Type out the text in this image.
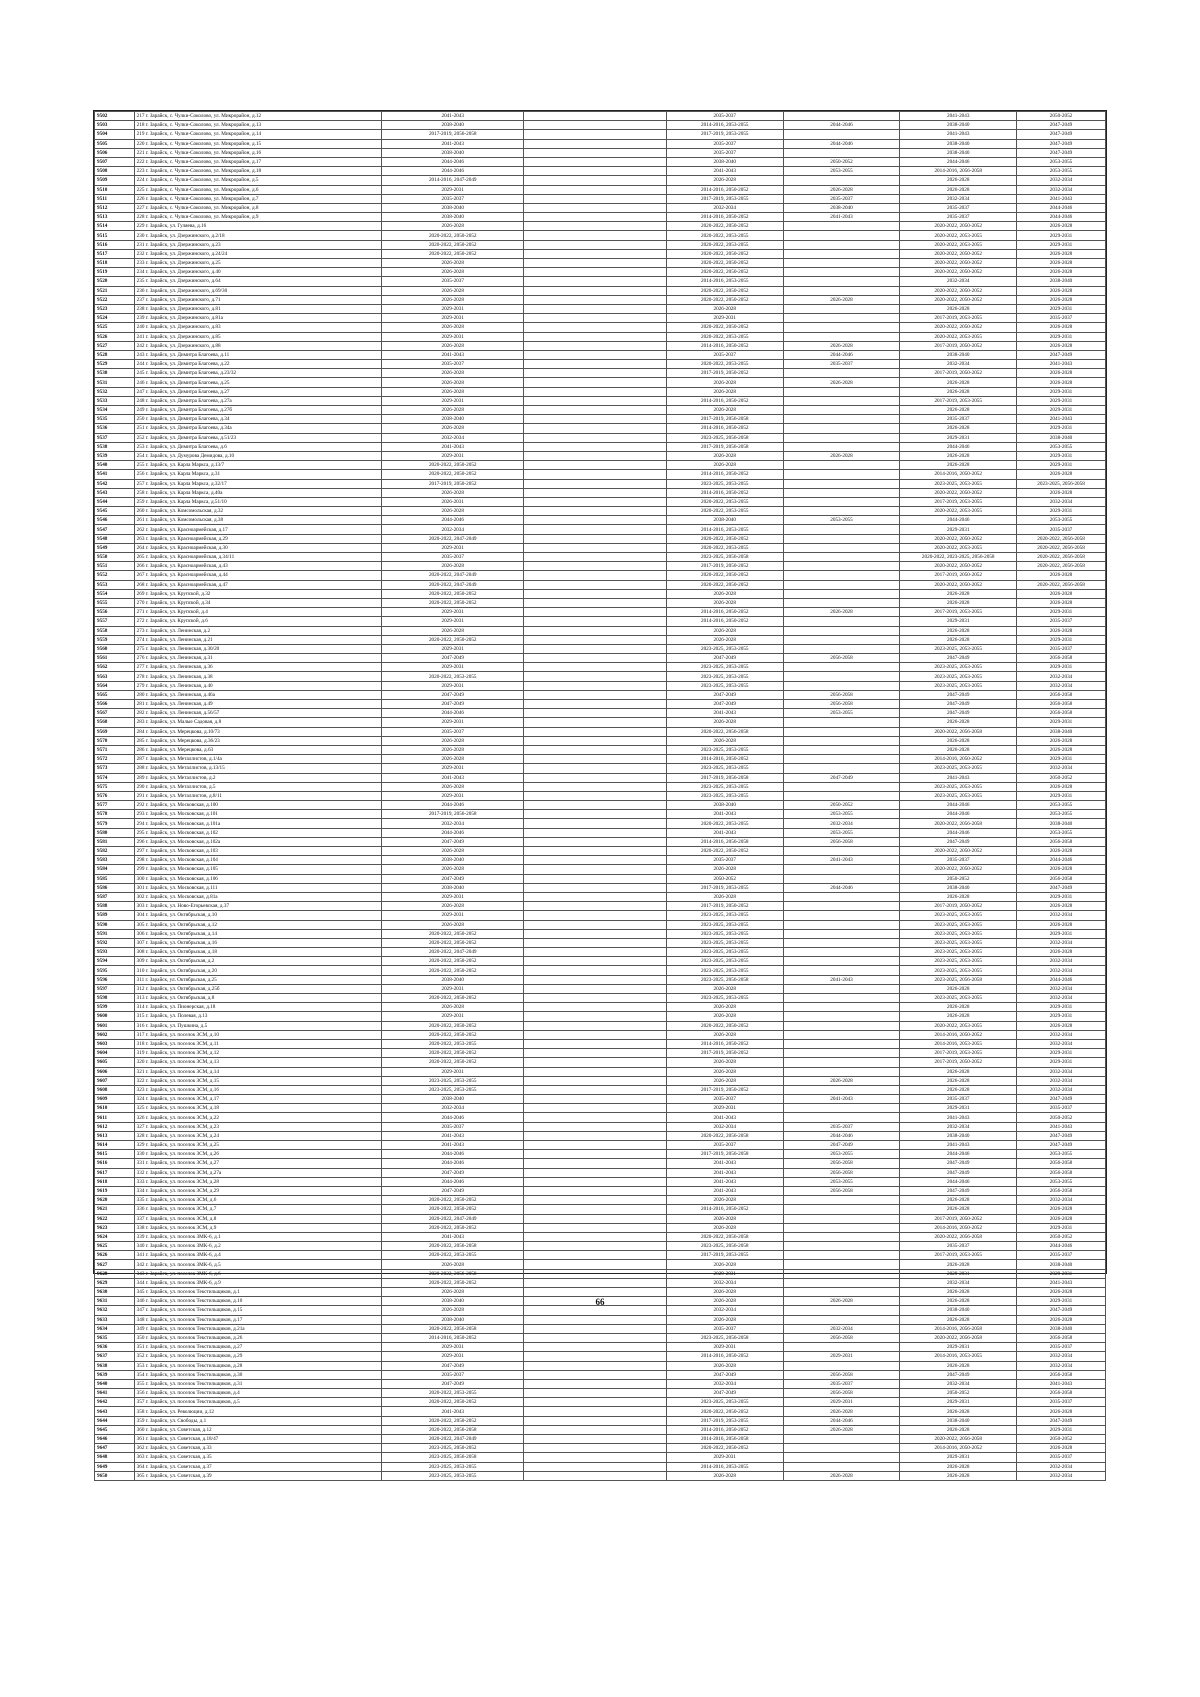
9502	217 г. Зарайск, с. Чулки-Соколово, ул. Микрорайон, д.12	2041-2043		2035-2037		2041-2043	2050-2052
9503	218 г. Зарайск, с. Чулки-Соколово, ул. Микрорайон, д.13	2038-2040		2014-2016, 2053-2055	2044-2046	2038-2040	2047-2049
9504	219 г. Зарайск, с. Чулки-Соколово, ул. Микрорайон, д.14	2017-2019, 2056-2058		2017-2019, 2053-2055		2041-2043	2047-2049
9505	220 г. Зарайск, с. Чулки-Соколово, ул. Микрорайон, д.15	2041-2043		2035-2037	2044-2046	2038-2040	2047-2049
9506	221 г. Зарайск, с. Чулки-Соколово, ул. Микрорайон, д.16	2038-2040		2035-2037		2038-2040	2047-2049
9507	222 г. Зарайск, с. Чулки-Соколово, ул. Микрорайон, д.17	2044-2046		2038-2040	2050-2052	2044-2046	2053-2055
9508	223 г. Зарайск, с. Чулки-Соколово, ул. Микрорайон, д.18	2044-2046		2041-2043	2053-2055	2014-2016, 2056-2058	2053-2055
9509	224 г. Зарайск, с. Чулки-Соколово, ул. Микрорайон, д.5	2014-2016, 2047-2049		2026-2028		2026-2028	2032-2034
9510	225 г. Зарайск, с. Чулки-Соколово, ул. Микрорайон, д.6	2029-2031		2014-2016, 2050-2052	2026-2028	2026-2028	2032-2034
9511	226 г. Зарайск, с. Чулки-Соколово, ул. Микрорайон, д.7	2035-2037		2017-2019, 2053-2055	2035-2037	2032-2034	2041-2043
9512	227 г. Зарайск, с. Чулки-Соколово, ул. Микрорайон, д.8	2038-2040		2032-2034	2038-2040	2035-2037	2044-2046
9513	228 г. Зарайск, с. Чулки-Соколово, ул. Микрорайон, д.9	2038-2040		2014-2016, 2050-2052	2041-2043	2035-2037	2044-2046
9514	229 г. Зарайск, ул. Гуляева, д.16	2026-2028		2020-2022, 2050-2052		2020-2022, 2050-2052	2026-2028
9515	230 г. Зарайск, ул. Дзержинского, д.2/18	2020-2022, 2050-2052		2020-2022, 2053-2055		2020-2022, 2053-2055	2029-2031
9516	231 г. Зарайск, ул. Дзержинского, д.23	2020-2022, 2050-2052		2020-2022, 2053-2055		2020-2022, 2053-2055	2029-2031
9517	232 г. Зарайск, ул. Дзержинского, д.24/24	2020-2022, 2050-2052		2020-2022, 2050-2052		2020-2022, 2050-2052	2026-2028
9518	233 г. Зарайск, ул. Дзержинского, д.25	2026-2028		2020-2022, 2050-2052		2020-2022, 2050-2052	2026-2028
9519	234 г. Зарайск, ул. Дзержинского, д.40	2026-2028		2020-2022, 2050-2052		2020-2022, 2050-2052	2026-2028
9520	235 г. Зарайск, ул. Дзержинского, д.64	2035-2037		2014-2016, 2053-2055		2032-2034	2038-2040
9521	236 г. Зарайск, ул. Дзержинского, д.69/30	2026-2028		2020-2022, 2050-2052		2020-2022, 2050-2052	2026-2028
9522	237 г. Зарайск, ул. Дзержинского, д.71	2026-2028		2020-2022, 2050-2052	2026-2028	2020-2022, 2050-2052	2026-2028
9523	238 г. Зарайск, ул. Дзержинского, д.81	2029-2031		2026-2028		2026-2028	2029-2031
9524	239 г. Зарайск, ул. Дзержинского, д.81а	2029-2031		2029-2031		2017-2019, 2053-2055	2035-2037
9525	240 г. Зарайск, ул. Дзержинского, д.83	2026-2028		2020-2022, 2050-2052		2020-2022, 2050-2052	2026-2028
9526	241 г. Зарайск, ул. Дзержинского, д.85	2029-2031		2020-2022, 2053-2055		2020-2022, 2053-2055	2029-2031
9527	242 г. Зарайск, ул. Дзержинского, д.88	2026-2028		2014-2016, 2050-2052	2026-2028	2017-2019, 2050-2052	2026-2028
9528	243 г. Зарайск, ул. Димитра Благоева, д.11	2041-2043		2035-2037	2044-2046	2038-2040	2047-2049
9529	244 г. Зарайск, ул. Димитра Благоева, д.22	2035-2037		2020-2022, 2053-2055	2035-2037	2032-2034	2041-2043
9530	245 г. Зарайск, ул. Димитра Благоева, д.23/32	2026-2028		2017-2019, 2050-2052		2017-2019, 2050-2052	2026-2028
9531	246 г. Зарайск, ул. Димитра Благоева, д.25	2026-2028		2026-2028	2026-2028	2026-2028	2026-2028
9532	247 г. Зарайск, ул. Димитра Благоева, д.27	2026-2028		2026-2028		2026-2028	2029-2031
9533	248 г. Зарайск, ул. Димитра Благоева, д.27а	2029-2031		2014-2016, 2050-2052		2017-2019, 2053-2055	2029-2031
9534	249 г. Зарайск, ул. Димитра Благоева, д.27б	2026-2028		2026-2028		2026-2028	2029-2031
9535	250 г. Зарайск, ул. Димитра Благоева, д.34	2038-2040		2017-2019, 2056-2058		2035-2037	2041-2043
9536	251 г. Зарайск, ул. Димитра Благоева, д.34а	2026-2028		2014-2016, 2050-2052		2026-2028	2029-2031
9537	252 г. Зарайск, ул. Димитра Благоева, д.51/23	2032-2034		2023-2025, 2056-2058		2029-2031	2038-2040
9538	253 г. Зарайск, ул. Димитра Благоева, д.6	2041-2043		2017-2019, 2056-2058		2044-2046	2053-2055
9539	254 г. Зарайск, ул. Думурова Демидова, д.10	2029-2031		2026-2028	2026-2028	2026-2028	2029-2031
9540	255 г. Зарайск, ул. Карла Маркса, д.13/7	2020-2022, 2050-2052		2026-2028		2026-2028	2029-2031
9541	256 г. Зарайск, ул. Карла Маркса, д.31	2020-2022, 2050-2052		2014-2016, 2050-2052		2014-2016, 2050-2052	2026-2028
9542	257 г. Зарайск, ул. Карла Маркса, д.32/17	2017-2019, 2050-2052		2023-2025, 2053-2055		2023-2025, 2053-2055	2023-2025, 2056-2058
9543	258 г. Зарайск, ул. Карла Маркса, д.40а	2026-2028		2014-2016, 2050-2052		2020-2022, 2050-2052	2026-2028
9544	259 г. Зарайск, ул. Карла Маркса, д.51/10	2026-2031		2020-2022, 2053-2055		2017-2019, 2053-2055	2032-2034
9545	260 г. Зарайск, ул. Комсомольская, д.32	2026-2028		2020-2022, 2053-2055		2020-2022, 2053-2055	2029-2031
9546	261 г. Зарайск, ул. Комсомольская, д.38	2044-2046		2038-2040	2053-2055	2044-2046	2053-2055
9547	262 г. Зарайск, ул. Красноармейская, д.17	2032-2034		2014-2016, 2053-2055		2029-2031	2035-2037
9548	263 г. Зарайск, ул. Красноармейская, д.29	2020-2022, 2047-2049		2020-2022, 2050-2052		2020-2022, 2050-2052	2020-2022, 2056-2058
9549	264 г. Зарайск, ул. Красноармейская, д.30	2029-2031		2020-2022, 2053-2055		2020-2022, 2053-2055	2020-2022, 2056-2058
9550	265 г. Зарайск, ул. Красноармейская, д.34/11	2035-2037		2023-2025, 2056-2058		2020-2022, 2023-2025, 2056-2058	2020-2022, 2056-2058
9551	266 г. Зарайск, ул. Красноармейская, д.43	2026-2028		2017-2019, 2050-2052		2020-2022, 2050-2052	2020-2022, 2056-2058
9552	267 г. Зарайск, ул. Красноармейская, д.44	2020-2022, 2047-2049		2020-2022, 2050-2052		2017-2019, 2050-2052	2026-2028
9553	268 г. Зарайск, ул. Красноармейская, д.47	2020-2022, 2047-2049		2020-2022, 2050-2052		2020-2022, 2050-2052	2020-2022, 2056-2058
9554	269 г. Зарайск, ул. Крупской, д.32	2020-2022, 2050-2052		2026-2028		2026-2028	2026-2028
9555	270 г. Зарайск, ул. Крупской, д.34	2020-2022, 2050-2052		2026-2028		2026-2028	2026-2028
9556	271 г. Зарайск, ул. Крупской, д.4	2029-2031		2014-2016, 2050-2052	2026-2028	2017-2019, 2053-2055	2029-2031
9557	272 г. Зарайск, ул. Крупской, д.6	2029-2031		2014-2016, 2050-2052		2029-2031	2035-2037
9558	273 г. Зарайск, ул. Ленинская, д.2	2026-2028		2026-2028		2026-2028	2026-2028
9559	274 г. Зарайск, ул. Ленинская, д.21	2020-2022, 2050-2052		2026-2028		2026-2028	2029-2031
9560	275 г. Зарайск, ул. Ленинская, д.30/20	2029-2031		2023-2025, 2053-2055		2023-2025, 2053-2055	2035-2037
9561	276 г. Зарайск, ул. Ленинская, д.31	2047-2049		2047-2049	2056-2058	2047-2049	2056-2058
9562	277 г. Зарайск, ул. Ленинская, д.36	2029-2031		2023-2025, 2053-2055		2023-2025, 2053-2055	2029-2031
9563	278 г. Зарайск, ул. Ленинская, д.38	2020-2022, 2053-2055		2023-2025, 2053-2055		2023-2025, 2053-2055	2032-2034
9564	279 г. Зарайск, ул. Ленинская, д.40	2029-2031		2023-2025, 2053-2055		2023-2025, 2053-2055	2032-2034
9565	280 г. Зарайск, ул. Ленинская, д.46а	2047-2049		2047-2049	2056-2058	2047-2049	2056-2058
9566	281 г. Зарайск, ул. Ленинская, д.49	2047-2049		2047-2049	2056-2058	2047-2049	2056-2058
9567	282 г. Зарайск, ул. Ленинская, д.56/57	2044-2046		2041-2043	2053-2055	2047-2049	2056-2058
9568	283 г. Зарайск, ул. Малые Садовая, д.8	2029-2031		2026-2028		2026-2028	2029-2031
9569	284 г. Зарайск, ул. Мерецкова, д.10/73	2035-2037		2020-2022, 2056-2058		2020-2022, 2056-2058	2038-2040
9570	285 г. Зарайск, ул. Мерецкова, д.36/23	2026-2028		2026-2028		2026-2028	2026-2028
9571	286 г. Зарайск, ул. Мерецкова, д.63	2026-2028		2023-2025, 2053-2055		2026-2028	2026-2028
9572	287 г. Зарайск, ул. Металлистов, д.1/4а	2026-2028		2014-2016, 2050-2052		2014-2016, 2050-2052	2029-2031
9573	288 г. Зарайск, ул. Металлистов, д.13/15	2029-2031		2023-2025, 2053-2055		2023-2025, 2053-2055	2032-2034
9574	289 г. Зарайск, ул. Металлистов, д.2	2041-2043		2017-2019, 2056-2058	2047-2049	2041-2043	2050-2052
9575	290 г. Зарайск, ул. Металлистов, д.5	2026-2028		2023-2025, 2053-2055		2023-2025, 2053-2055	2026-2028
9576	291 г. Зарайск, ул. Металлистов, д.8/11	2029-2031		2023-2025, 2053-2055		2023-2025, 2053-2055	2029-2031
9577	292 г. Зарайск, ул. Московская, д.100	2044-2046		2038-2040	2050-2052	2044-2046	2053-2055
9578	293 г. Зарайск, ул. Московская, д.101	2017-2019, 2056-2058		2041-2043	2053-2055	2044-2046	2053-2055
9579	294 г. Зарайск, ул. Московская, д.101а	2032-2034		2020-2022, 2053-2055	2032-2034	2020-2022, 2056-2058	2038-2040
9580	295 г. Зарайск, ул. Московская, д.102	2044-2046		2041-2043	2053-2055	2044-2046	2053-2055
9581	296 г. Зарайск, ул. Московская, д.102а	2047-2049		2014-2016, 2056-2058	2056-2058	2047-2049	2056-2058
9582	297 г. Зарайск, ул. Московская, д.103	2026-2028		2020-2022, 2050-2052		2020-2022, 2050-2052	2026-2028
9583	298 г. Зарайск, ул. Московская, д.104	2038-2040		2035-2037	2041-2043	2035-2037	2044-2046
9584	299 г. Зарайск, ул. Московская, д.105	2026-2028		2026-2028		2020-2022, 2050-2052	2026-2028
9585	300 г. Зарайск, ул. Московская, д.106	2047-2049		2050-2052		2050-2052	2056-2058
9586	301 г. Зарайск, ул. Московская, д.111	2038-2040		2017-2019, 2053-2055	2044-2046	2038-2040	2047-2049
9587	302 г. Зарайск, ул. Московская, д.81а	2029-2031		2026-2028		2026-2028	2029-2031
9588	303 г. Зарайск, ул. Ново-Егорьевская, д.37	2026-2028		2017-2019, 2050-2052		2017-2019, 2050-2052	2026-2028
9589	304 г. Зарайск, ул. Октябрьская, д.10	2029-2031		2023-2025, 2053-2055		2023-2025, 2053-2055	2032-2034
9590	305 г. Зарайск, ул. Октябрьская, д.12	2026-2028		2023-2025, 2053-2055		2023-2025, 2053-2055	2026-2028
9591	306 г. Зарайск, ул. Октябрьская, д.14	2020-2022, 2050-2052		2023-2025, 2053-2055		2023-2025, 2053-2055	2029-2031
9592	307 г. Зарайск, ул. Октябрьская, д.16	2020-2022, 2050-2052		2023-2025, 2053-2055		2023-2025, 2053-2055	2032-2034
9593	308 г. Зарайск, ул. Октябрьская, д.18	2020-2022, 2047-2049		2023-2025, 2053-2055		2023-2025, 2053-2055	2026-2028
9594	309 г. Зарайск, ул. Октябрьская, д.2	2020-2022, 2050-2052		2023-2025, 2053-2055		2023-2025, 2053-2055	2032-2034
9595	310 г. Зарайск, ул. Октябрьская, д.20	2020-2022, 2050-2052		2023-2025, 2053-2055		2023-2025, 2053-2055	2032-2034
9596	311 г. Зарайск, ул. Октябрьская, д.25	2038-2040		2023-2025, 2056-2058	2041-2043	2023-2025, 2056-2058	2044-2046
9597	312 г. Зарайск, ул. Октябрьская, д.25б	2029-2031		2026-2028		2026-2028	2032-2034
9598	313 г. Зарайск, ул. Октябрьская, д.8	2020-2022, 2050-2052		2023-2025, 2053-2055		2023-2025, 2053-2055	2032-2034
9599	314 г. Зарайск, ул. Пионерская, д.18	2026-2028		2026-2028		2026-2028	2029-2031
9600	315 г. Зарайск, ул. Полевая, д.13	2029-2031		2026-2028		2026-2028	2029-2031
9601	316 г. Зарайск, ул. Пушкина, д.5	2020-2022, 2050-2052		2020-2022, 2050-2052		2020-2022, 2053-2055	2026-2028
9602	317 г. Зарайск, ул. поселок ЗСМ, д.10	2020-2022, 2050-2052		2026-2028		2014-2016, 2050-2052	2032-2034
9603	318 г. Зарайск, ул. поселок ЗСМ, д.11	2020-2022, 2053-2055		2014-2016, 2050-2052		2014-2016, 2053-2055	2032-2034
9604	319 г. Зарайск, ул. поселок ЗСМ, д.12	2020-2022, 2050-2052		2017-2019, 2050-2052		2017-2019, 2053-2055	2029-2031
9605	320 г. Зарайск, ул. поселок ЗСМ, д.13	2020-2022, 2050-2052		2026-2028		2017-2019, 2050-2052	2029-2031
9606	321 г. Зарайск, ул. поселок ЗСМ, д.14	2029-2031		2026-2028		2026-2028	2032-2034
9607	322 г. Зарайск, ул. поселок ЗСМ, д.15	2023-2025, 2053-2055		2026-2028	2026-2028	2026-2028	2032-2034
9608	323 г. Зарайск, ул. поселок ЗСМ, д.16	2023-2025, 2053-2055		2017-2019, 2050-2052		2026-2028	2032-2034
9609	324 г. Зарайск, ул. поселок ЗСМ, д.17	2038-2040		2035-2037	2041-2043	2035-2037	2047-2049
9610	325 г. Зарайск, ул. поселок ЗСМ, д.18	2032-2034		2029-2031		2029-2031	2035-2037
9611	326 г. Зарайск, ул. поселок ЗСМ, д.22	2044-2046		2041-2043		2041-2043	2050-2052
9612	327 г. Зарайск, ул. поселок ЗСМ, д.23	2035-2037		2032-2034	2035-2037	2032-2034	2041-2043
9613	328 г. Зарайск, ул. поселок ЗСМ, д.24	2041-2043		2020-2022, 2056-2058	2044-2046	2038-2040	2047-2049
9614	329 г. Зарайск, ул. поселок ЗСМ, д.25	2041-2043		2035-2037	2047-2049	2041-2043	2047-2049
9615	330 г. Зарайск, ул. поселок ЗСМ, д.26	2044-2046		2017-2019, 2056-2058	2053-2055	2044-2046	2053-2055
9616	331 г. Зарайск, ул. поселок ЗСМ, д.27	2044-2046		2041-2043	2056-2058	2047-2049	2056-2058
9617	332 г. Зарайск, ул. поселок ЗСМ, д.27а	2047-2049		2041-2043	2056-2058	2047-2049	2056-2058
9618	333 г. Зарайск, ул. поселок ЗСМ, д.28	2044-2046		2041-2043	2053-2055	2044-2046	2053-2055
9619	334 г. Зарайск, ул. поселок ЗСМ, д.29	2047-2049		2041-2043	2056-2058	2047-2049	2056-2058
9620	335 г. Зарайск, ул. поселок ЗСМ, д.6	2020-2022, 2050-2052		2026-2028		2026-2028	2032-2034
9621	336 г. Зарайск, ул. поселок ЗСМ, д.7	2020-2022, 2050-2052		2014-2016, 2050-2052		2026-2028	2026-2028
9622	337 г. Зарайск, ул. поселок ЗСМ, д.8	2020-2022, 2047-2049		2026-2028		2017-2019, 2050-2052	2026-2028
9623	338 г. Зарайск, ул. поселок ЗСМ, д.9	2020-2022, 2050-2052		2026-2028		2014-2016, 2050-2052	2029-2031
9624	339 г. Зарайск, ул. поселок ЗМК-6, д.1	2041-2043		2020-2022, 2056-2058		2020-2022, 2056-2058	2050-2052
9625	340 г. Зарайск, ул. поселок ЗМК-6, д.2	2020-2022, 2056-2058		2023-2025, 2056-2058		2035-2037	2044-2046
9626	341 г. Зарайск, ул. поселок ЗМК-6, д.4	2020-2022, 2053-2055		2017-2019, 2053-2055		2017-2019, 2053-2055	2035-2037
9627	342 г. Зарайск, ул. поселок ЗМК-6, д.5	2026-2028		2026-2028		2026-2028	2038-2040
9628	343 г. Зарайск, ул. поселок ЗМК-6, д.6	2020-2022, 2056-2058		2029-2031		2029-2031	2029-2031
9629	344 г. Зарайск, ул. поселок ЗМК-6, д.9	2020-2022, 2050-2052		2032-2034		2032-2034	2041-2043
9630	345 г. Зарайск, ул. поселок Текстильщиков, д.1	2026-2028		2026-2028		2026-2028	2026-2028
9631	346 г. Зарайск, ул. поселок Текстильщиков, д.10	2038-2040		2026-2028	2026-2028	2026-2028	2029-2031
9632	347 г. Зарайск, ул. поселок Текстильщиков, д.15	2026-2028		2032-2034		2038-2040	2047-2049
9633	348 г. Зарайск, ул. поселок Текстильщиков, д.17	2038-2040		2026-2028		2026-2028	2026-2028
9634	349 г. Зарайск, ул. поселок Текстильщиков, д.21а	2020-2022, 2056-2058		2035-2037	2032-2034	2014-2016, 2056-2058	2038-2040
9635	350 г. Зарайск, ул. поселок Текстильщиков, д.26	2014-2016, 2050-2052		2023-2025, 2056-2058	2056-2058	2020-2022, 2056-2058	2056-2058
9636	351 г. Зарайск, ул. поселок Текстильщиков, д.27	2029-2031		2029-2031		2029-2031	2035-2037
9637	352 г. Зарайск, ул. поселок Текстильщиков, д.29	2029-2031		2014-2016, 2050-2052	2029-2031	2014-2016, 2053-2055	2032-2034
9638	353 г. Зарайск, ул. поселок Текстильщиков, д.28	2047-2049		2026-2028		2026-2028	2032-2034
9639	354 г. Зарайск, ул. поселок Текстильщиков, д.30	2035-2037		2047-2049	2056-2058	2047-2049	2056-2058
9640	355 г. Зарайск, ул. поселок Текстильщиков, д.31	2047-2049		2032-2034	2035-2037	2032-2034	2041-2043
9641	356 г. Зарайск, ул. поселок Текстильщиков, д.4	2020-2022, 2053-2055		2047-2049	2056-2058	2050-2052	2056-2058
9642	357 г. Зарайск, ул. поселок Текстильщиков, д.5	2020-2022, 2050-2052		2023-2025, 2053-2055	2029-2031	2029-2031	2035-2037
9643	358 г. Зарайск, ул. Революции, д.12	2041-2043		2020-2022, 2050-2052	2026-2028	2026-2028	2026-2028
9644	359 г. Зарайск, ул. Свободы, д.1	2020-2022, 2050-2052		2017-2019, 2053-2055	2044-2046	2038-2040	2047-2049
9645	360 г. Зарайск, ул. Советская, д.12	2020-2022, 2056-2058		2014-2016, 2050-2052	2026-2028	2026-2028	2029-2031
9646	361 г. Зарайск, ул. Советская, д.18/47	2020-2022, 2047-2049		2014-2016, 2056-2058		2020-2022, 2056-2058	2050-2052
9647	362 г. Зарайск, ул. Советская, д.33	2023-2025, 2050-2052		2020-2022, 2050-2052		2014-2016, 2050-2052	2026-2028
9648	363 г. Зарайск, ул. Советская, д.35	2023-2025, 2056-2058		2029-2031		2029-2031	2035-2037
9649	364 г. Зарайск, ул. Советская, д.37	2023-2025, 2053-2055		2014-2016, 2053-2055		2026-2028	2032-2034
9650	365 г. Зарайск, ул. Советская, д.39	2023-2025, 2053-2055		2026-2028	2026-2028	2026-2028	2032-2034
66
